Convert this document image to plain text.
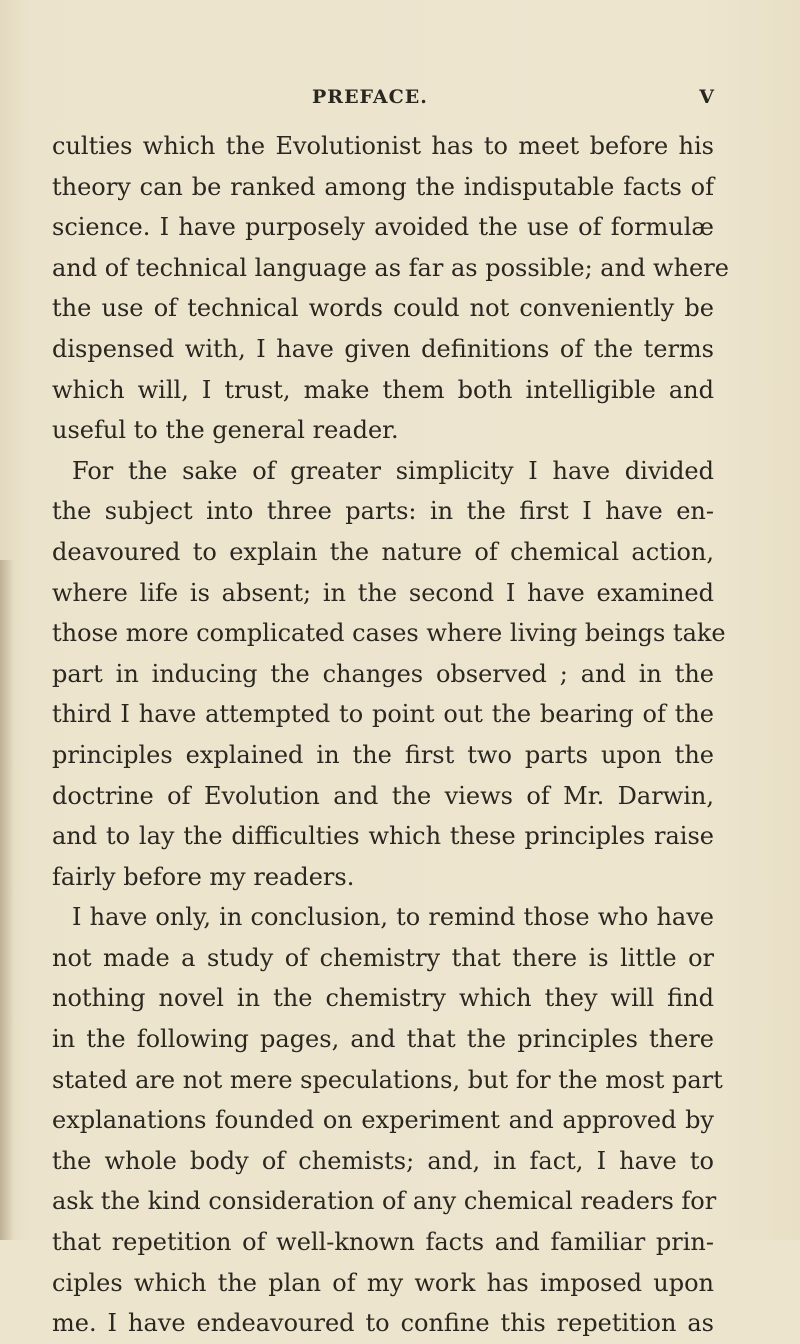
PREFACE.	V
culties which the Evolutionist has to meet before his
theory can be ranked among the indisputable facts of
science. I have purposely avoided the use of formulæ
and of technical language as far as possible; and where
the use of technical words could not conveniently be
dispensed with, I have given definitions of the terms
which will, I trust, make them both intelligible and
useful to the general reader.
For the sake of greater simplicity I have divided
the subject into three parts: in the first I have en-
deavoured to explain the nature of chemical action,
where life is absent; in the second I have examined
those more complicated cases where living beings take
part in inducing the changes observed ; and in the
third I have attempted to point out the bearing of the
principles explained in the first two parts upon the
doctrine of Evolution and the views of Mr. Darwin,
and to lay the difficulties which these principles raise
fairly before my readers.
I have only, in conclusion, to remind those who have
not made a study of chemistry that there is little or
nothing novel in the chemistry which they will find
in the following pages, and that the principles there
stated are not mere speculations, but for the most part
explanations founded on experiment and approved by
the whole body of chemists; and, in fact, I have to
ask the kind consideration of any chemical readers for
that repetition of well-known facts and familiar prin-
ciples which the plan of my work has imposed upon
me. I have endeavoured to confine this repetition as
